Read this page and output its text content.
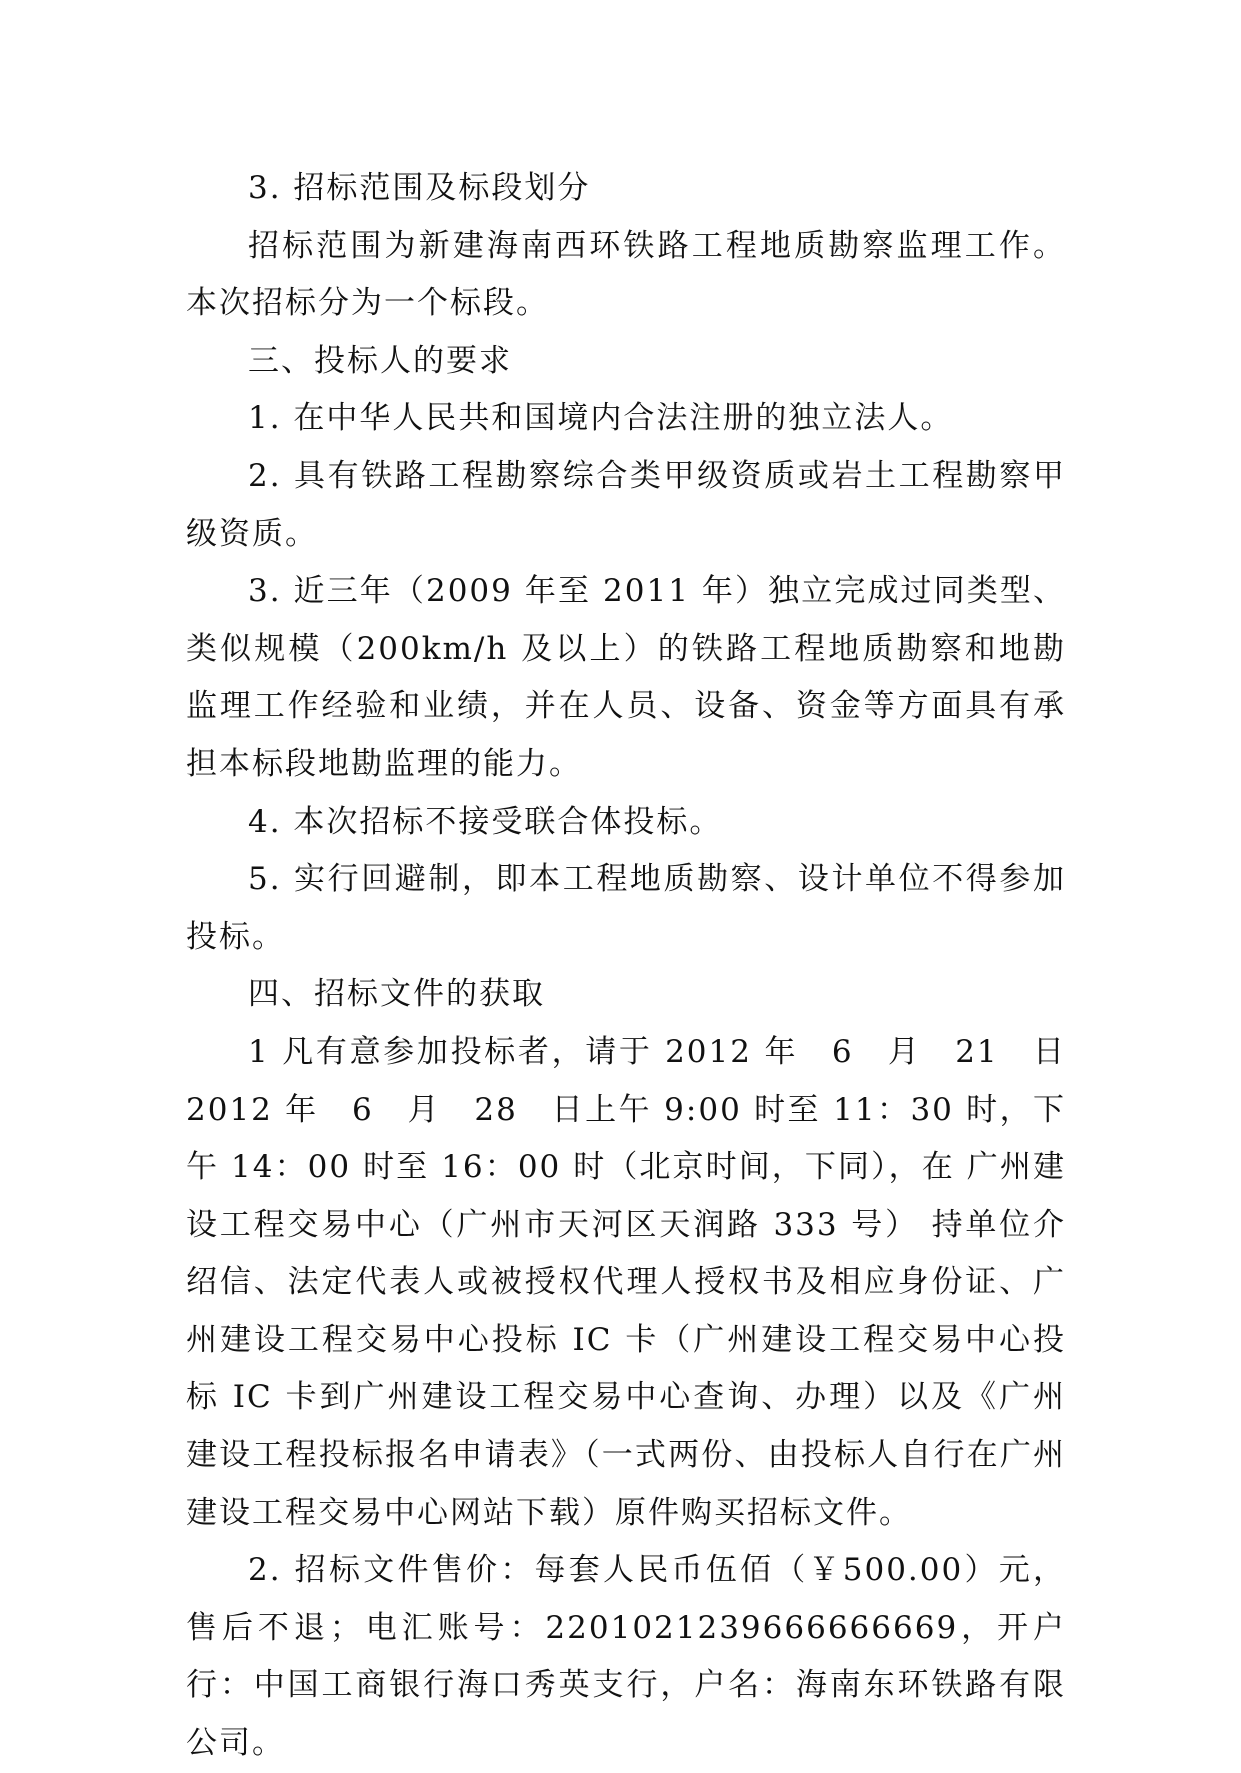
3. 招标范围及标段划分

招标范围为新建海南西环铁路工程地质勘察监理工作。本次招标分为一个标段。

三、投标人的要求

1. 在中华人民共和国境内合法注册的独立法人。

2. 具有铁路工程勘察综合类甲级资质或岩土工程勘察甲级资质。

3. 近三年（2009 年至 2011 年）独立完成过同类型、类似规模（200km/h 及以上）的铁路工程地质勘察和地勘监理工作经验和业绩，并在人员、设备、资金等方面具有承担本标段地勘监理的能力。

4. 本次招标不接受联合体投标。

5. 实行回避制，即本工程地质勘察、设计单位不得参加投标。

四、招标文件的获取

1 凡有意参加投标者，请于 2012 年　6　月　21　日 2012 年　6　月　28　日上午 9:00 时至 11：30 时，下午 14：00 时至 16：00 时（北京时间，下同），在 广州建设工程交易中心（广州市天河区天润路 333 号） 持单位介绍信、法定代表人或被授权代理人授权书及相应身份证、广州建设工程交易中心投标 IC 卡（广州建设工程交易中心投标 IC 卡到广州建设工程交易中心查询、办理）以及《广州建设工程投标报名申请表》（一式两份、由投标人自行在广州建设工程交易中心网站下载）原件购买招标文件。

2. 招标文件售价：每套人民币伍佰（￥500.00）元，售后不退；电汇账号：2201021239666666669，开户行：中国工商银行海口秀英支行，户名：海南东环铁路有限公司。
